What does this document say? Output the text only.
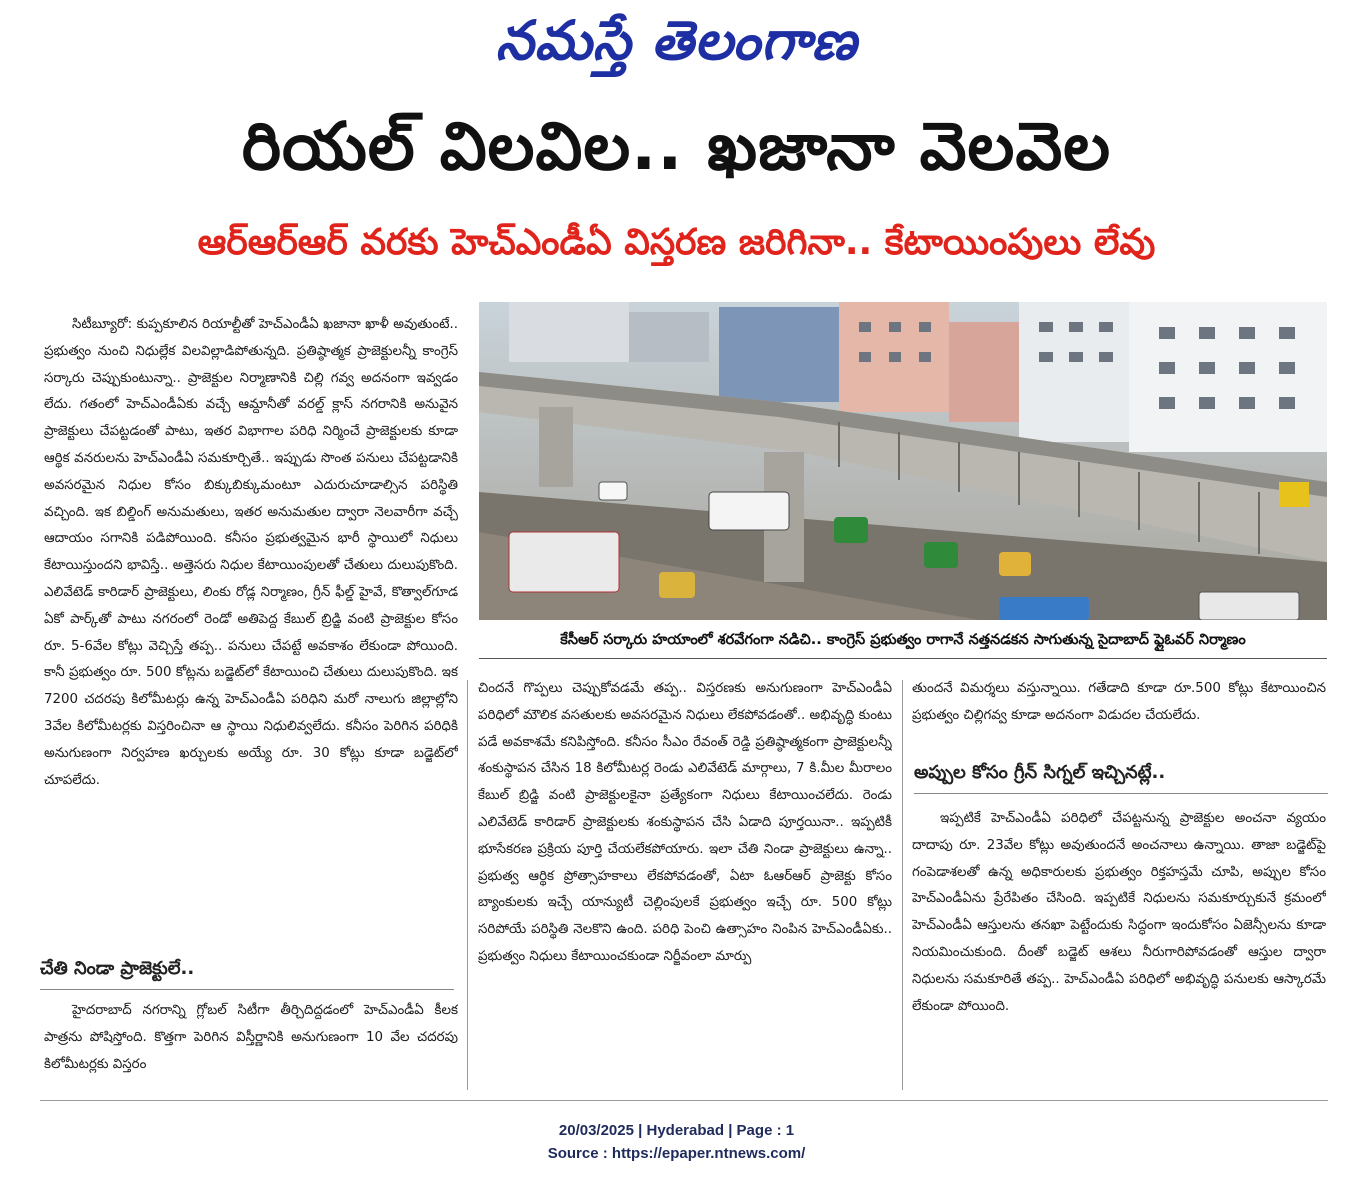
నమస్తే తెలంగాణ
రియల్ విలవిల.. ఖజానా వెలవెల
ఆర్ఆర్ఆర్ వరకు హెచ్ఎండీఏ విస్తరణ జరిగినా.. కేటాయింపులు లేవు

సిటీబ్యూరో: కుప్పకూలిన రియాల్టీతో హెచ్ఎండీఏ ఖజానా ఖాళీ అవుతుంటే.. ప్రభుత్వం నుంచి నిధుల్లేక విలవిల్లాడిపోతున్నది. ప్రతిష్ఠాత్మక ప్రాజెక్టులన్నీ కాంగ్రెస్ సర్కారు చెప్పుకుంటున్నా.. ప్రాజెక్టుల నిర్మాణానికి చిల్లి గవ్వ అదనంగా ఇవ్వడం లేదు. గతంలో హెచ్ఎండీఏకు వచ్చే ఆమ్దానీతో వరల్డ్ క్లాస్ నగరానికి అనువైన ప్రాజెక్టులు చేపట్టడంతో పాటు, ఇతర విభాగాల పరిధి నిర్మించే ప్రాజెక్టులకు కూడా ఆర్థిక వనరులను హెచ్ఎండీఏ సమకూర్చితే.. ఇప్పుడు సొంత పనులు చేపట్టడానికి అవసరమైన నిధుల కోసం బిక్కుబిక్కుమంటూ ఎదురుచూడాల్సిన పరిస్థితి వచ్చింది. ఇక బిల్డింగ్ అనుమతులు, ఇతర అనుమతుల ద్వారా నెలవారీగా వచ్చే ఆదాయం సగానికి పడిపోయింది. కనీసం ప్రభుత్వమైన భారీ స్థాయిలో నిధులు కేటాయిస్తుందని భావిస్తే.. అత్తెసరు నిధుల కేటాయింపులతో చేతులు దులుపుకొంది. ఎలివేటెడ్ కారిడార్ ప్రాజెక్టులు, లింకు రోడ్ల నిర్మాణం, గ్రీన్ ఫీల్డ్ హైవే, కొత్వాల్‌గూడ ఏకో పార్క్‌తో పాటు నగరంలో రెండో అతిపెద్ద కేబుల్ బ్రిడ్జి వంటి ప్రాజెక్టుల కోసం రూ. 5-6వేల కోట్లు వెచ్చిస్తే తప్ప.. పనులు చేపట్టే అవకాశం లేకుండా పోయింది. కానీ ప్రభుత్వం రూ. 500 కోట్లను బడ్జెట్‌లో కేటాయించి చేతులు దులుపుకొంది. ఇక 7200 చదరపు కిలోమీటర్లు ఉన్న హెచ్ఎండీఏ పరిధిని మరో నాలుగు జిల్లాల్లోని 3వేల కిలోమీటర్లకు విస్తరించినా ఆ స్థాయి నిధులివ్వలేదు. కనీసం పెరిగిన పరిధికి అనుగుణంగా నిర్వహణ ఖర్చులకు అయ్యే రూ. 30 కోట్లు కూడా బడ్జెట్‌లో చూపలేదు.

చేతి నిండా ప్రాజెక్టులే..

హైదరాబాద్ నగరాన్ని గ్లోబల్ సిటీగా తీర్చిదిద్దడంలో హెచ్ఎండీఏ కీలక పాత్రను పోషిస్తోంది. కొత్తగా పెరిగిన విస్తీర్ణానికి అనుగుణంగా 10 వేల చదరపు కిలోమీటర్లకు విస్తరం

కేసీఆర్ సర్కారు హయాంలో శరవేగంగా నడిచి.. కాంగ్రెస్ ప్రభుత్వం రాగానే నత్తనడకన సాగుతున్న సైదాబాద్ ఫ్లైఓవర్ నిర్మాణం

చిందనే గొప్పలు చెప్పుకోవడమే తప్ప.. విస్తరణకు అనుగుణంగా హెచ్ఎండీఏ పరిధిలో మౌలిక వసతులకు అవసరమైన నిధులు లేకపోవడంతో.. అభివృద్ధి కుంటు పడే అవకాశమే కనిపిస్తోంది. కనీసం సీఎం రేవంత్ రెడ్డి ప్రతిష్ఠాత్మకంగా ప్రాజెక్టులన్నీ శంకుస్థాపన చేసిన 18 కిలోమీటర్ల రెండు ఎలివేటెడ్ మార్గాలు, 7 కి.మీల మీరాలం కేబుల్ బ్రిడ్జి వంటి ప్రాజెక్టులకైనా ప్రత్యేకంగా నిధులు కేటాయించలేదు. రెండు ఎలివేటెడ్ కారిడార్ ప్రాజెక్టులకు శంకుస్థాపన చేసి ఏడాది పూర్తయినా.. ఇప్పటికీ భూసేకరణ ప్రక్రియ పూర్తి చేయలేకపోయారు. ఇలా చేతి నిండా ప్రాజెక్టులు ఉన్నా.. ప్రభుత్వ ఆర్థిక ప్రోత్సాహకాలు లేకపోవడంతో, ఏటా ఓఆర్ఆర్ ప్రాజెక్టు కోసం బ్యాంకులకు ఇచ్చే యాన్యుటీ చెల్లింపులకే ప్రభుత్వం ఇచ్చే రూ. 500 కోట్లు సరిపోయే పరిస్థితి నెలకొని ఉంది. పరిధి పెంచి ఉత్సాహం నింపిన హెచ్ఎండీఏకు.. ప్రభుత్వం నిధులు కేటాయించకుండా నిర్జీవంలా మార్పు

తుందనే విమర్శలు వస్తున్నాయి. గతేడాది కూడా రూ.500 కోట్లు కేటాయించిన ప్రభుత్వం చిల్లిగవ్వ కూడా అదనంగా విడుదల చేయలేదు.

అప్పుల కోసం గ్రీన్ సిగ్నల్ ఇచ్చినట్లే..

ఇప్పటికే హెచ్ఎండీఏ పరిధిలో చేపట్టనున్న ప్రాజెక్టుల అంచనా వ్యయం దాదాపు రూ. 23వేల కోట్లు అవుతుందనే అంచనాలు ఉన్నాయి. తాజా బడ్జెట్‌పై గంపెడాశలతో ఉన్న అధికారులకు ప్రభుత్వం రిక్తహస్తమే చూపి, అప్పుల కోసం హెచ్ఎండీఏను ప్రేరేపితం చేసింది. ఇప్పటికే నిధులను సమకూర్చుకునే క్రమంలో హెచ్ఎండీఏ ఆస్తులను తనఖా పెట్టేందుకు సిద్ధంగా ఇందుకోసం ఏజెన్సీలను కూడా నియమించుకుంది. దీంతో బడ్జెట్ ఆశలు నీరుగారిపోవడంతో ఆస్తుల ద్వారా నిధులను సమకూరితే తప్ప.. హెచ్ఎండీఏ పరిధిలో అభివృద్ధి పనులకు ఆస్కారమే లేకుండా పోయింది.

20/03/2025 | Hyderabad | Page : 1
Source : https://epaper.ntnews.com/
